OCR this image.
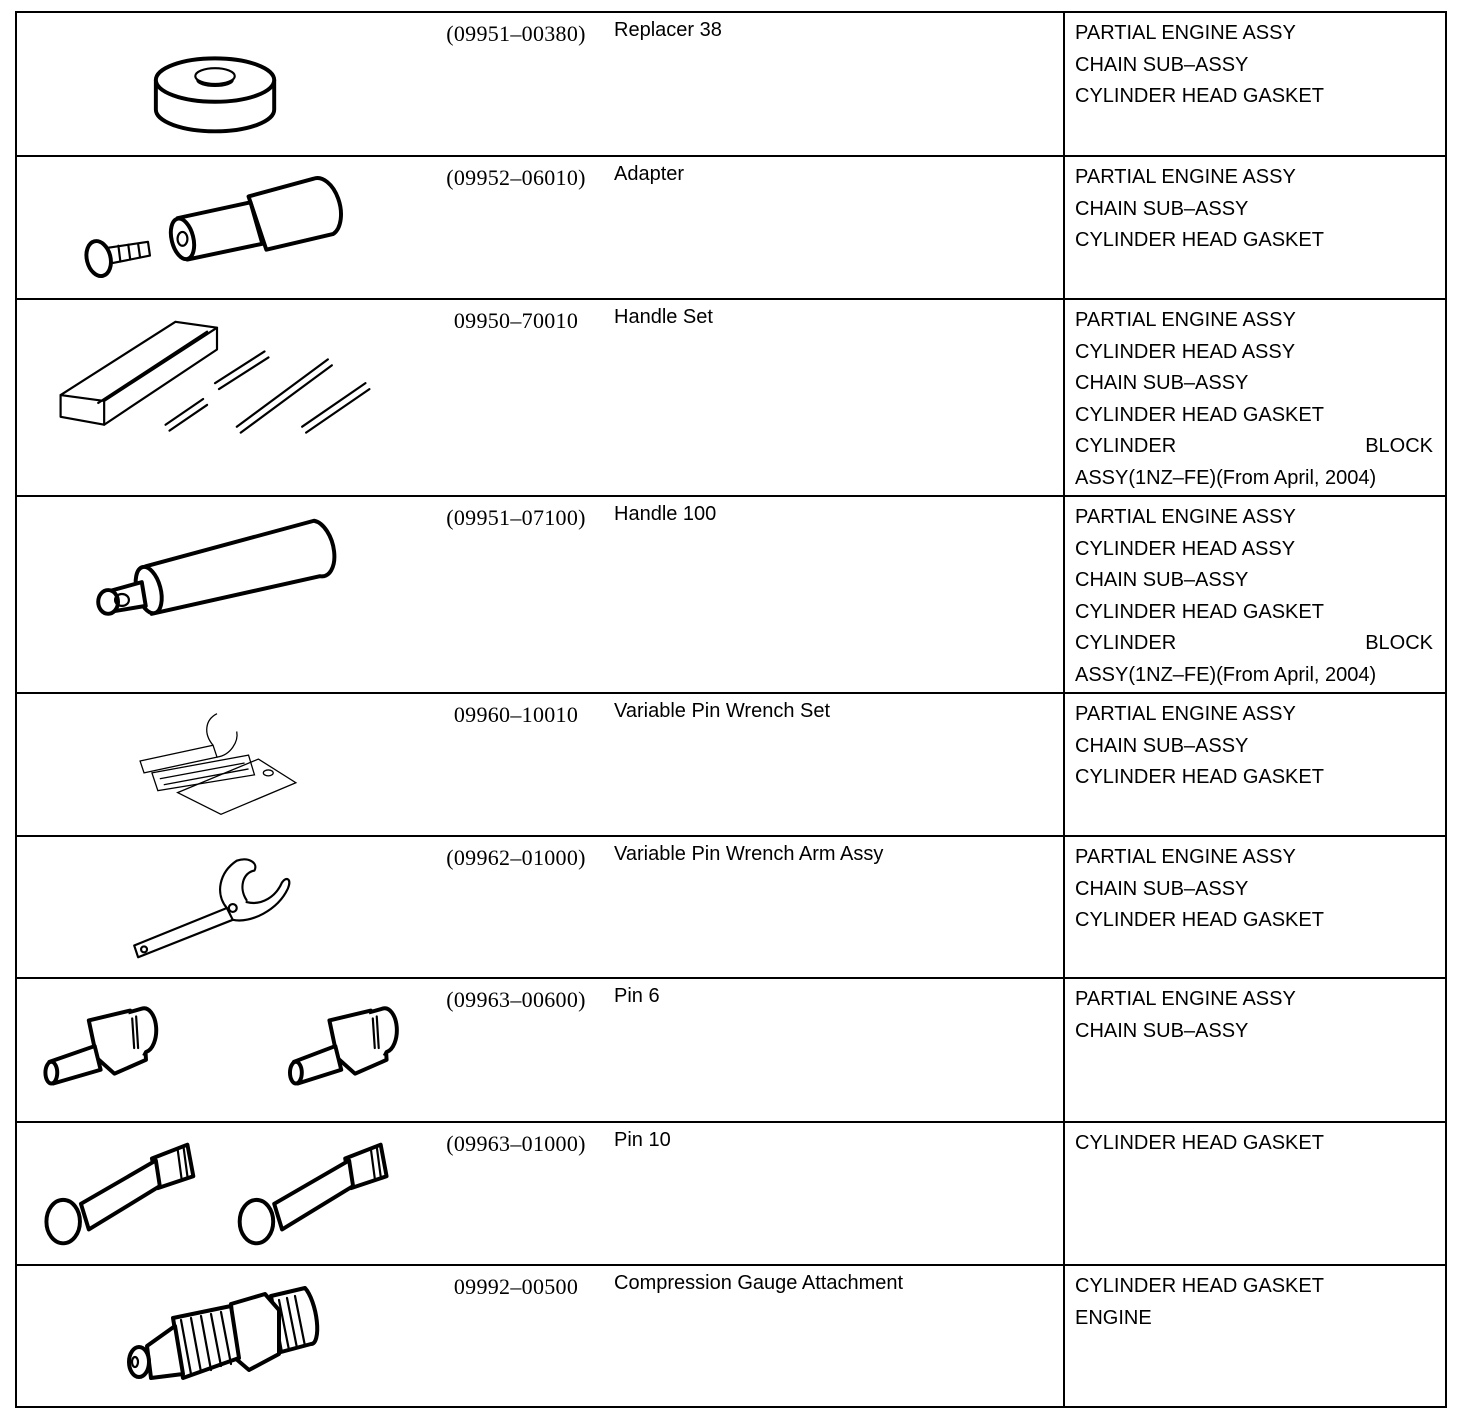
(09951–00380)	Replacer 38	PARTIAL ENGINE ASSY
CHAIN SUB–ASSY
CYLINDER HEAD GASKET
(09952–06010)	Adapter	PARTIAL ENGINE ASSY
CHAIN SUB–ASSY
CYLINDER HEAD GASKET
09950–70010	Handle Set	PARTIAL ENGINE ASSY
CYLINDER HEAD ASSY
CHAIN SUB–ASSY
CYLINDER HEAD GASKET
CYLINDER BLOCK
ASSY(1NZ–FE)(From April, 2004)
(09951–07100)	Handle 100	PARTIAL ENGINE ASSY
CYLINDER HEAD ASSY
CHAIN SUB–ASSY
CYLINDER HEAD GASKET
CYLINDER BLOCK
ASSY(1NZ–FE)(From April, 2004)
09960–10010	Variable Pin Wrench Set	PARTIAL ENGINE ASSY
CHAIN SUB–ASSY
CYLINDER HEAD GASKET
(09962–01000)	Variable Pin Wrench Arm Assy	PARTIAL ENGINE ASSY
CHAIN SUB–ASSY
CYLINDER HEAD GASKET
(09963–00600)	Pin 6	PARTIAL ENGINE ASSY
CHAIN SUB–ASSY
(09963–01000)	Pin 10	CYLINDER HEAD GASKET
09992–00500	Compression Gauge Attachment	CYLINDER HEAD GASKET
ENGINE
